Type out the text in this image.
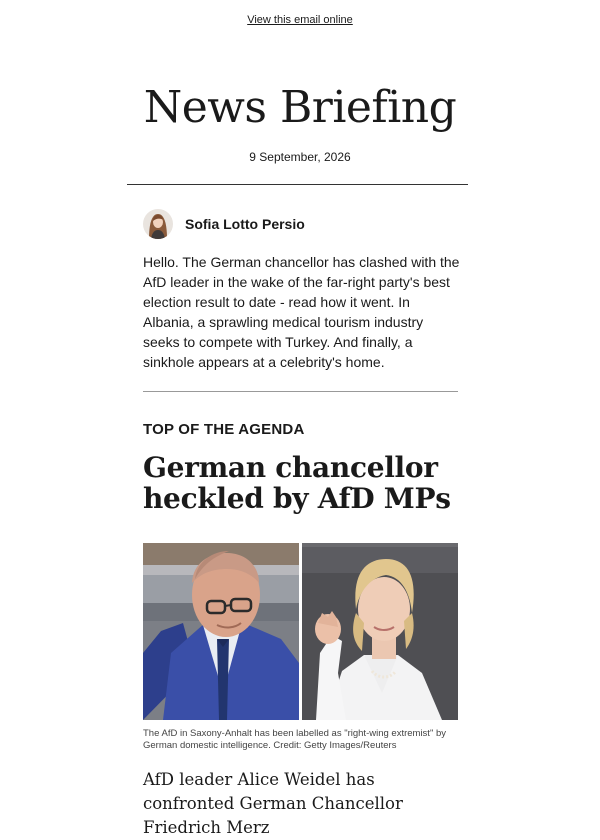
View this email online
News Briefing
9 September, 2026
Sofia Lotto Persio

Hello. The German chancellor has clashed with the AfD leader in the wake of the far-right party's best election result to date - read how it went. In Albania, a sprawling medical tourism industry seeks to compete with Turkey. And finally, a sinkhole appears at a celebrity's home.

TOP OF THE AGENDA
German chancellor heckled by AfD MPs

The AfD in Saxony-Anhalt has been labelled as "right-wing extremist" by German domestic intelligence. Credit: Getty Images/Reuters

AfD leader Alice Weidel has confronted German Chancellor Friedrich Merz
